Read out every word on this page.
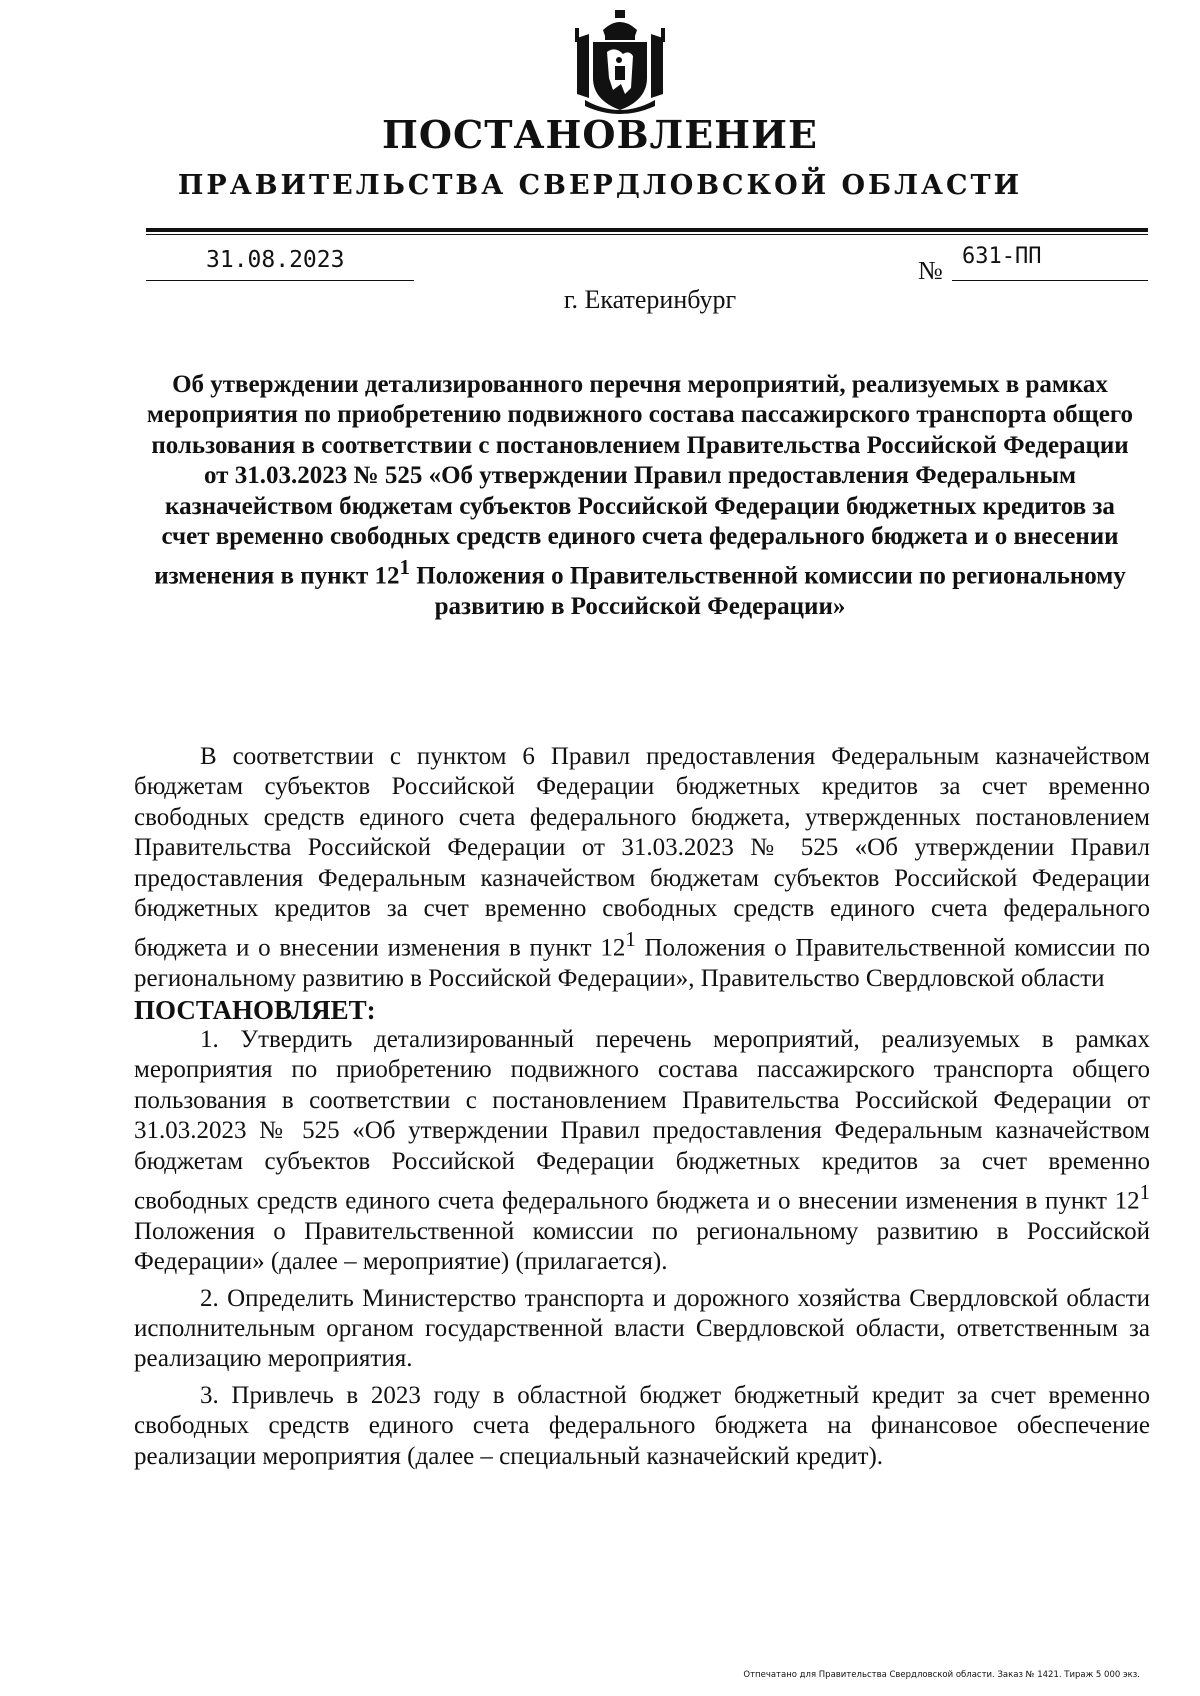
ПОСТАНОВЛЕНИЕ
ПРАВИТЕЛЬСТВА СВЕРДЛОВСКОЙ ОБЛАСТИ
31.08.2023	№ 631-ПП
г. Екатеринбург

Об утверждении детализированного перечня мероприятий, реализуемых в рамках мероприятия по приобретению подвижного состава пассажирского транспорта общего пользования в соответствии с постановлением Правительства Российской Федерации от 31.03.2023 № 525 «Об утверждении Правил предоставления Федеральным казначейством бюджетам субъектов Российской Федерации бюджетных кредитов за счет временно свободных средств единого счета федерального бюджета и о внесении изменения в пункт $12^1$ Положения о Правительственной комиссии по региональному развитию в Российской Федерации»

В соответствии с пунктом 6 Правил предоставления Федеральным казначейством бюджетам субъектов Российской Федерации бюджетных кредитов за счет временно свободных средств единого счета федерального бюджета, утвержденных постановлением Правительства Российской Федерации от 31.03.2023 № 525 «Об утверждении Правил предоставления Федеральным казначейством бюджетам субъектов Российской Федерации бюджетных кредитов за счет временно свободных средств единого счета федерального бюджета и о внесении изменения в пункт $12^1$ Положения о Правительственной комиссии по региональному развитию в Российской Федерации», Правительство Свердловской области

ПОСТАНОВЛЯЕТ:

1. Утвердить детализированный перечень мероприятий, реализуемых в рамках мероприятия по приобретению подвижного состава пассажирского транспорта общего пользования в соответствии с постановлением Правительства Российской Федерации от 31.03.2023 № 525 «Об утверждении Правил предоставления Федеральным казначейством бюджетам субъектов Российской Федерации бюджетных кредитов за счет временно свободных средств единого счета федерального бюджета и о внесении изменения в пункт $12^1$ Положения о Правительственной комиссии по региональному развитию в Российской Федерации» (далее – мероприятие) (прилагается).

2. Определить Министерство транспорта и дорожного хозяйства Свердловской области исполнительным органом государственной власти Свердловской области, ответственным за реализацию мероприятия.

3. Привлечь в 2023 году в областной бюджет бюджетный кредит за счет временно свободных средств единого счета федерального бюджета на финансовое обеспечение реализации мероприятия (далее – специальный казначейский кредит).

Отпечатано для Правительства Свердловской области. Заказ № 1421. Тираж 5 000 экз.
